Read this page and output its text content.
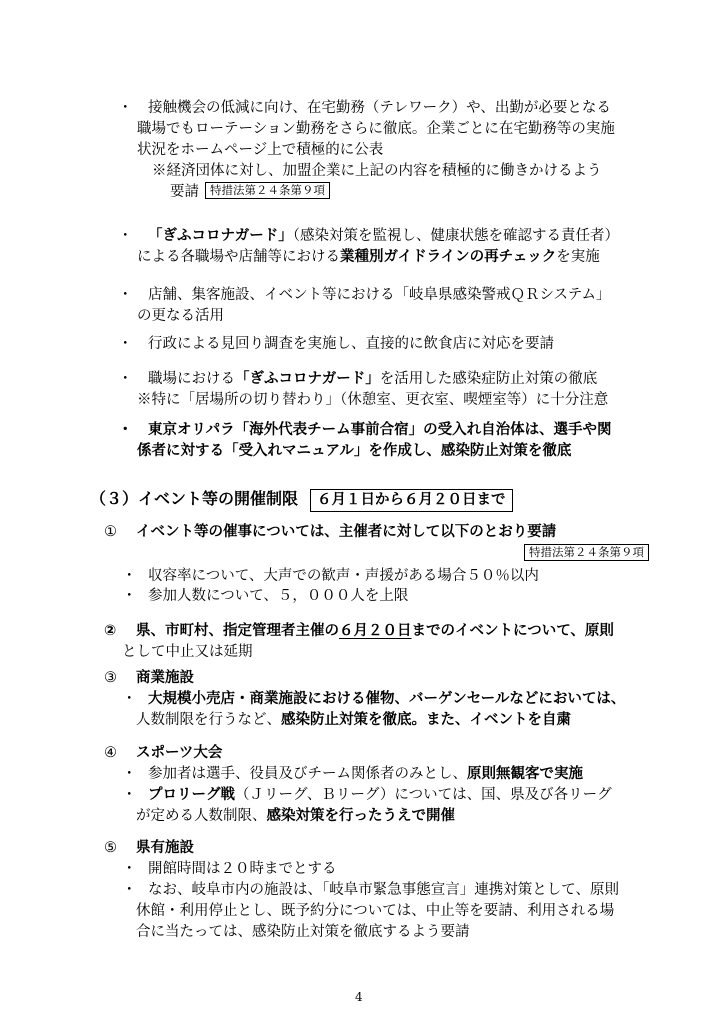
・ 接触機会の低減に向け、在宅勤務（テレワーク）や、出勤が必要となる
職場でもローテーション勤務をさらに徹底。企業ごとに在宅勤務等の実施
状況をホームページ上で積極的に公表
※経済団体に対し、加盟企業に上記の内容を積極的に働きかけるよう
要請 特措法第２４条第９項
・ 「ぎふコロナガード」（感染対策を監視し、健康状態を確認する責任者）
による各職場や店舗等における業種別ガイドラインの再チェックを実施
・ 店舗、集客施設、イベント等における「岐阜県感染警戒ＱＲシステム」
の更なる活用
・ 行政による見回り調査を実施し、直接的に飲食店に対応を要請
・ 職場における「ぎふコロナガード」を活用した感染症防止対策の徹底
※特に「居場所の切り替わり」（休憩室、更衣室、喫煙室等）に十分注意
・ 東京オリパラ「海外代表チーム事前合宿」の受入れ自治体は、選手や関
係者に対する「受入れマニュアル」を作成し、感染防止対策を徹底
（３）イベント等の開催制限 ６月１日から６月２０日まで
① イベント等の催事については、主催者に対して以下のとおり要請
特措法第２４条第９項
・ 収容率について、大声での歓声・声援がある場合５０％以内
・ 参加人数について、５，０００人を上限
② 県、市町村、指定管理者主催の６月２０日までのイベントについて、原則
として中止又は延期
③ 商業施設
・ 大規模小売店・商業施設における催物、バーゲンセールなどにおいては、
人数制限を行うなど、感染防止対策を徹底。また、イベントを自粛
④ スポーツ大会
・ 参加者は選手、役員及びチーム関係者のみとし、原則無観客で実施
・ プロリーグ戦（Ｊリーグ、Ｂリーグ）については、国、県及び各リーグ
が定める人数制限、感染対策を行ったうえで開催
⑤ 県有施設
・ 開館時間は２０時までとする
・ なお、岐阜市内の施設は、「岐阜市緊急事態宣言」連携対策として、原則
休館・利用停止とし、既予約分については、中止等を要請、利用される場
合に当たっては、感染防止対策を徹底するよう要請
4
